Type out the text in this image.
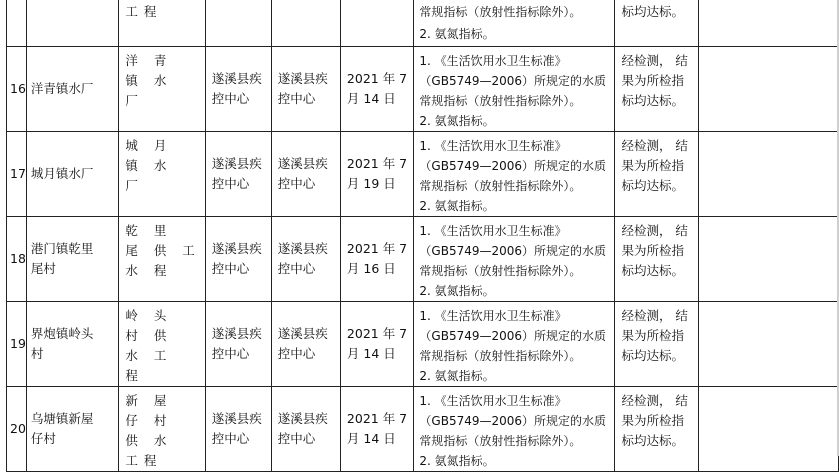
		工程				常规指标（放射性指标除外）。
2. 氨氮指标。	标均达标。	

16	洋青镇水厂	洋 青
镇 水
厂	遂溪县疾
控中心	遂溪县疾
控中心	2021 年 7
月 14 日	1. 《生活饮用水卫生标准》
（GB5749—2006）所规定的水质
常规指标（放射性指标除外）。
2. 氨氮指标。	经检测， 结
果为所检指
标均达标。	

17	城月镇水厂	城 月
镇 水
厂	遂溪县疾
控中心	遂溪县疾
控中心	2021 年 7
月 19 日	1. 《生活饮用水卫生标准》
（GB5749—2006）所规定的水质
常规指标（放射性指标除外）。
2. 氨氮指标。	经检测， 结
果为所检指
标均达标。	

18	港门镇乾里
尾村	乾 里
尾 供 工
水 程	遂溪县疾
控中心	遂溪县疾
控中心	2021 年 7
月 16 日	1. 《生活饮用水卫生标准》
（GB5749—2006）所规定的水质
常规指标（放射性指标除外）。
2. 氨氮指标。	经检测， 结
果为所检指
标均达标。	

19	界炮镇岭头
村	岭 头
村 供
水 工
程	遂溪县疾
控中心	遂溪县疾
控中心	2021 年 7
月 14 日	1. 《生活饮用水卫生标准》
（GB5749—2006）所规定的水质
常规指标（放射性指标除外）。
2. 氨氮指标。	经检测， 结
果为所检指
标均达标。	

20	乌塘镇新屋
仔村	新 屋
仔 村
供 水
工程	遂溪县疾
控中心	遂溪县疾
控中心	2021 年 7
月 14 日	1. 《生活饮用水卫生标准》
（GB5749—2006）所规定的水质
常规指标（放射性指标除外）。
2. 氨氮指标。	经检测， 结
果为所检指
标均达标。	
